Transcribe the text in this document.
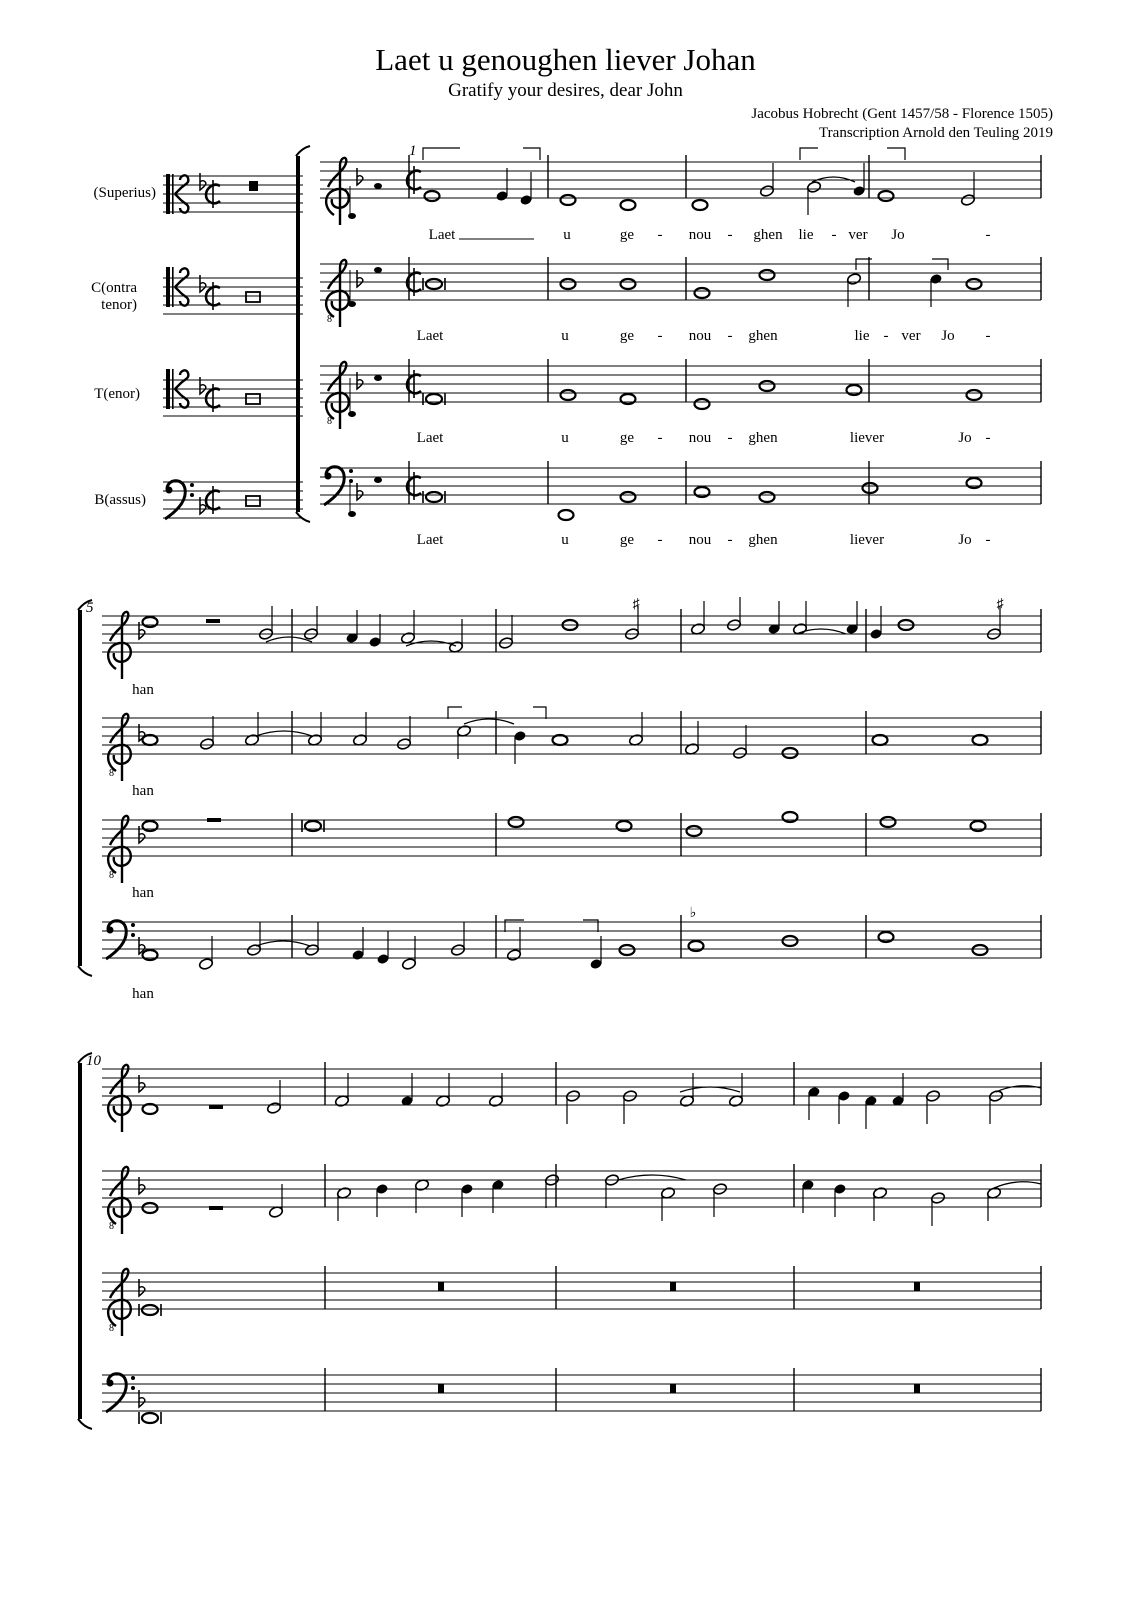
Laet u genoughen liever Johan
Gratify your desires, dear John
Jacobus Hobrecht (Gent 1457/58 - Florence 1505)
Transcription Arnold den Teuling 2019
(Superius)
C(ontra
tenor)
T(enor)
B(assus)
1
5
10
Laet	u	ge - nou - ghen lie - ver Jo	-
Laet	u	ge - nou - ghen	lie - ver Jo -
Laet	u	ge - nou - ghen	liever	Jo -
Laet	u	ge - nou - ghen	liever	Jo -
han
han
han
han
8
8
8
8
8
8
♯	♯
♭
